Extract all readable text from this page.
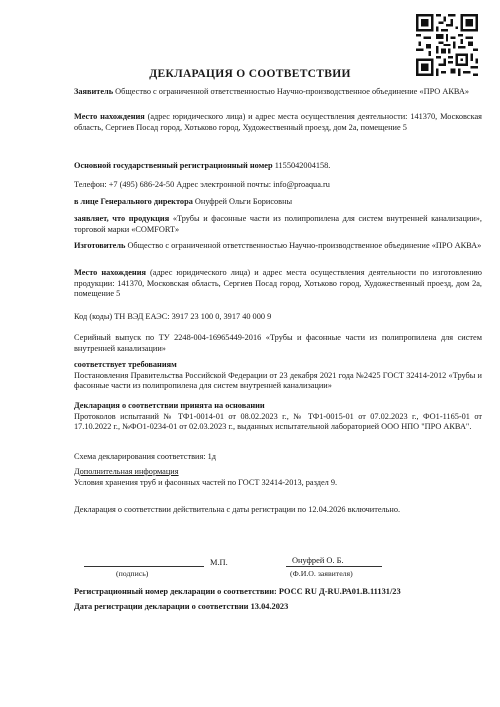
ДЕКЛАРАЦИЯ О СООТВЕТСТВИИ
Заявитель Общество с ограниченной ответственностью Научно-производственное объединение «ПРО АКВА»
Место нахождения (адрес юридического лица) и адрес места осуществления деятельности: 141370, Московская область, Сергиев Посад город, Хотьково город, Художественный проезд, дом 2а, помещение 5
Основной государственный регистрационный номер 1155042004158.
Телефон: +7 (495) 686-24-50 Адрес электронной почты: info@proaqua.ru
в лице Генерального директора Онуфрей Ольги Борисовны
заявляет, что продукция «Трубы и фасонные части из полипропилена для систем внутренней канализации», торговой марки «COMFORT»
Изготовитель Общество с ограниченной ответственностью Научно-производственное объединение «ПРО АКВА»
Место нахождения (адрес юридического лица) и адрес места осуществления деятельности по изготовлению продукции: 141370, Московская область, Сергиев Посад город, Хотьково город, Художественный проезд, дом 2а, помещение 5
Код (коды) ТН ВЭД ЕАЭС: 3917 23 100 0, 3917 40 000 9
Серийный выпуск по ТУ 2248-004-16965449-2016 «Трубы и фасонные части из полипропилена для систем внутренней канализации»
соответствует требованиям
Постановления Правительства Российской Федерации от 23 декабря 2021 года №2425 ГОСТ 32414-2012 «Трубы и фасонные части из полипропилена для систем внутренней канализации»
Декларация о соответствии принята на основании
Протоколов испытаний № ТФ1-0014-01 от 08.02.2023 г., № ТФ1-0015-01 от 07.02.2023 г., ФО1-1165-01 от 17.10.2022 г., №ФО1-0234-01 от 02.03.2023 г., выданных испытательной лабораторией ООО НПО "ПРО АКВА".
Схема декларирования соответствия: 1д
Дополнительная информация
Условия хранения труб и фасонных частей по ГОСТ 32414-2013, раздел 9.
Декларация о соответствии действительна с даты регистрации по 12.04.2026 включительно.
(подпись)
М.П.	Онуфрей О. Б.
(Ф.И.О. заявителя)
Регистрационный номер декларации о соответствии: РОСС RU Д-RU.РА01.В.11131/23
Дата регистрации декларации о соответствии 13.04.2023
